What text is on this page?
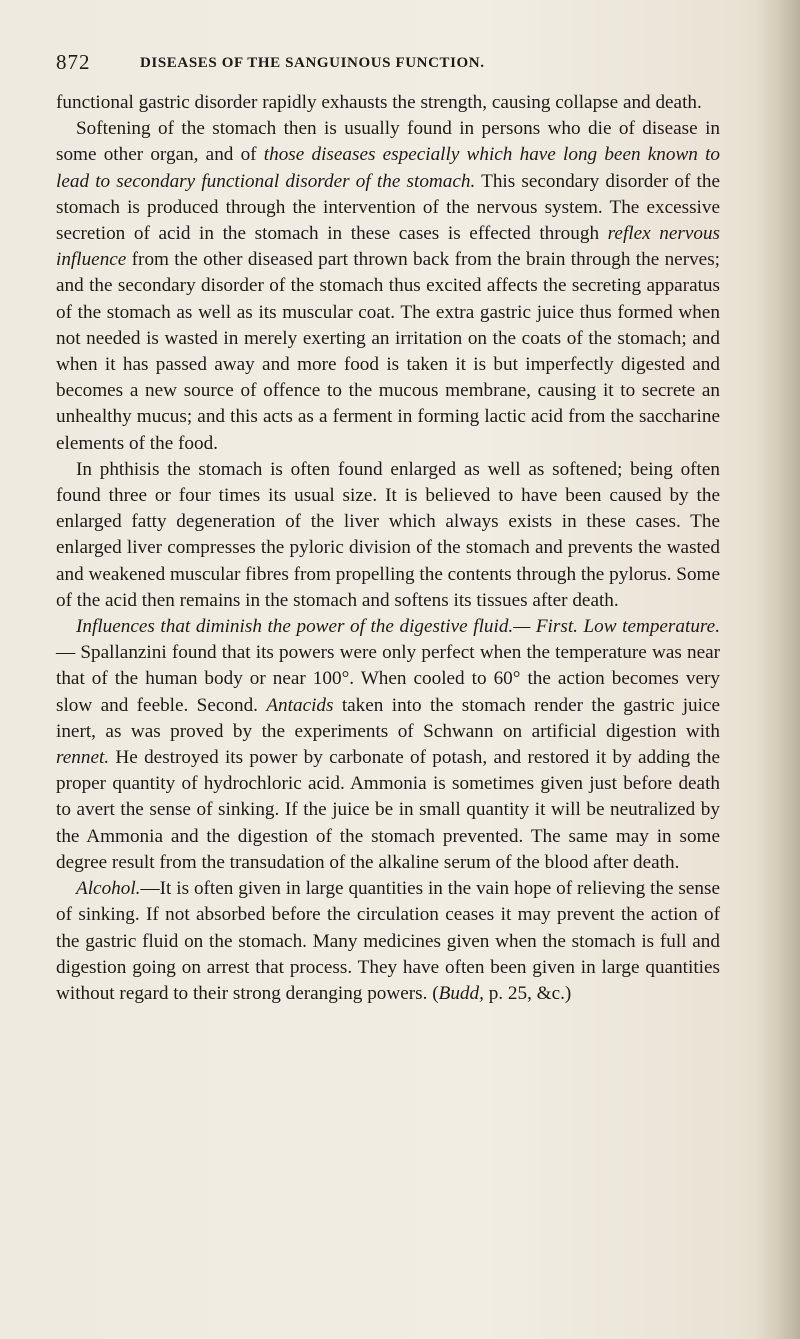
872	DISEASES OF THE SANGUINOUS FUNCTION.

functional gastric disorder rapidly exhausts the strength, causing collapse and death.

Softening of the stomach then is usually found in persons who die of disease in some other organ, and of those diseases especially which have long been known to lead to secondary functional disorder of the stomach. This secondary disorder of the stomach is produced through the intervention of the nervous system. The excessive secretion of acid in the stomach in these cases is effected through reflex nervous influence from the other diseased part thrown back from the brain through the nerves; and the secondary disorder of the stomach thus excited affects the secreting apparatus of the stomach as well as its muscular coat. The extra gastric juice thus formed when not needed is wasted in merely exerting an irritation on the coats of the stomach; and when it has passed away and more food is taken it is but imperfectly digested and becomes a new source of offence to the mucous membrane, causing it to secrete an unhealthy mucus; and this acts as a ferment in forming lactic acid from the saccharine elements of the food.

In phthisis the stomach is often found enlarged as well as softened; being often found three or four times its usual size. It is believed to have been caused by the enlarged fatty degeneration of the liver which always exists in these cases. The enlarged liver compresses the pyloric division of the stomach and prevents the wasted and weakened muscular fibres from propelling the contents through the pylorus. Some of the acid then remains in the stomach and softens its tissues after death.

Influences that diminish the power of the digestive fluid.— First. Low temperature.— Spallanzini found that its powers were only perfect when the temperature was near that of the human body or near 100°. When cooled to 60° the action becomes very slow and feeble. Second. Antacids taken into the stomach render the gastric juice inert, as was proved by the experiments of Schwann on artificial digestion with rennet. He destroyed its power by carbonate of potash, and restored it by adding the proper quantity of hydrochloric acid. Ammonia is sometimes given just before death to avert the sense of sinking. If the juice be in small quantity it will be neutralized by the Ammonia and the digestion of the stomach prevented. The same may in some degree result from the transudation of the alkaline serum of the blood after death.

Alcohol.—It is often given in large quantities in the vain hope of relieving the sense of sinking. If not absorbed before the circulation ceases it may prevent the action of the gastric fluid on the stomach. Many medicines given when the stomach is full and digestion going on arrest that process. They have often been given in large quantities without regard to their strong deranging powers. (Budd, p. 25, &c.)
